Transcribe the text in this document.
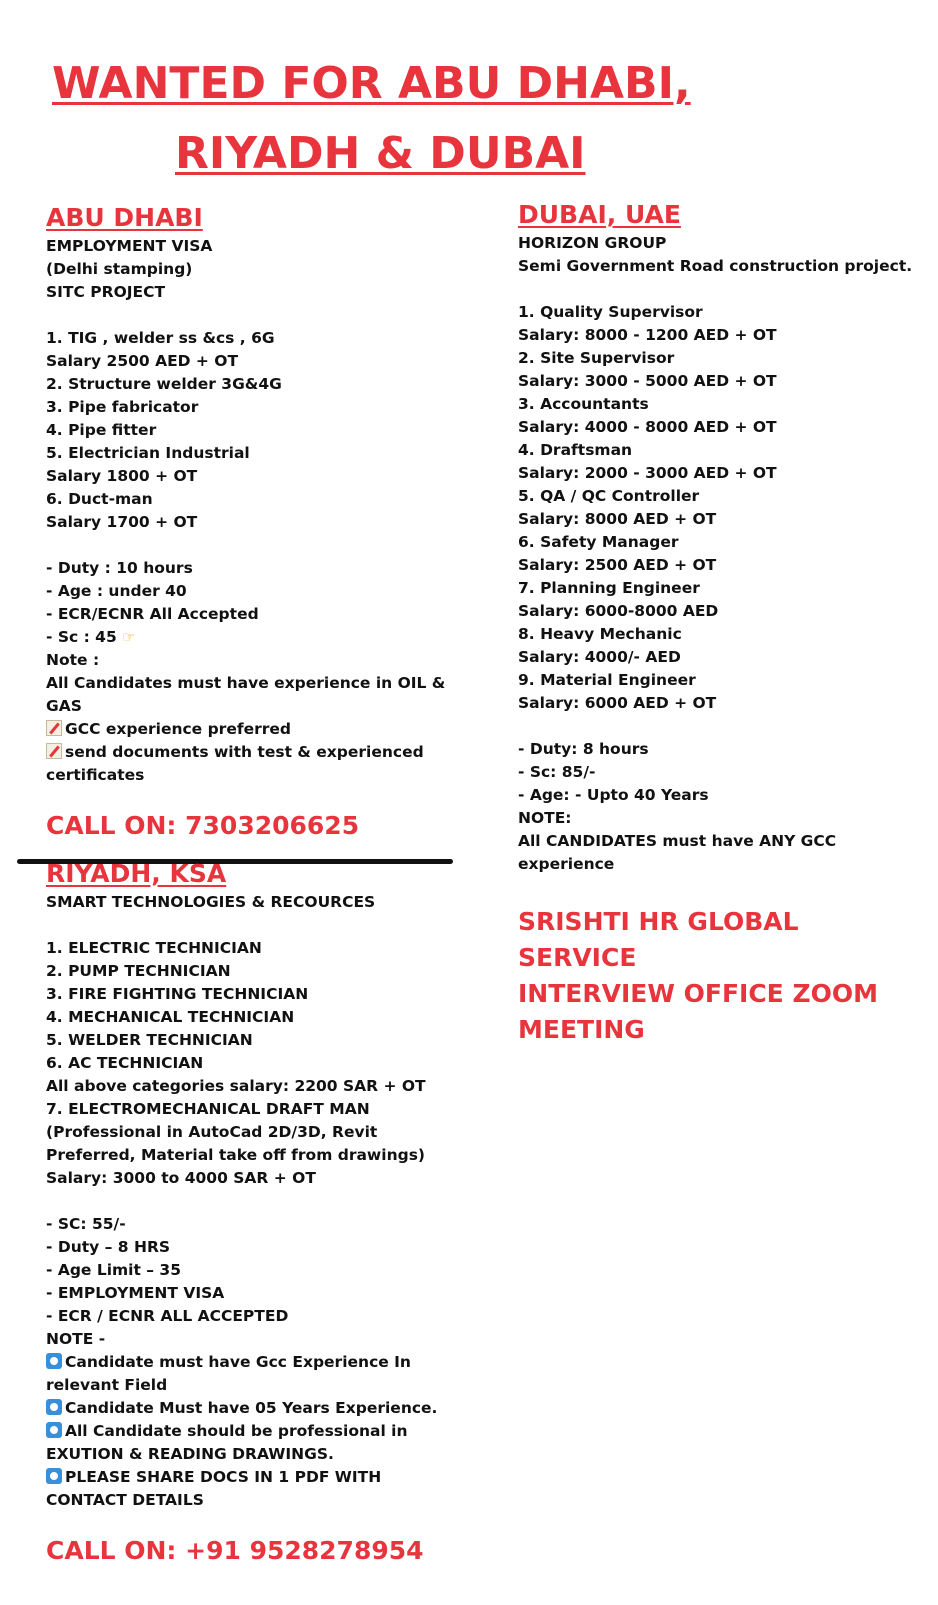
WANTED FOR ABU DHABI,
RIYADH & DUBAI
ABU DHABI
EMPLOYMENT VISA
(Delhi stamping)
SITC PROJECT
1. TIG , welder ss &cs , 6G
Salary 2500 AED + OT
2. Structure welder 3G&4G
3. Pipe fabricator
4. Pipe fitter
5. Electrician Industrial
Salary 1800 + OT
6. Duct-man
Salary 1700 + OT
- Duty : 10 hours
- Age : under 40
- ECR/ECNR All Accepted
- Sc : 45 ☞
Note :
All Candidates must have experience in OIL & GAS
GCC experience preferred
send documents with test & experienced certificates
CALL ON: 7303206625
RIYADH, KSA
SMART TECHNOLOGIES & RECOURCES
1. ELECTRIC TECHNICIAN
2. PUMP TECHNICIAN
3. FIRE FIGHTING TECHNICIAN
4. MECHANICAL TECHNICIAN
5. WELDER TECHNICIAN
6. AC TECHNICIAN
All above categories salary: 2200 SAR + OT
7. ELECTROMECHANICAL DRAFT MAN
(Professional in AutoCad 2D/3D, Revit Preferred, Material take off from drawings)
Salary: 3000 to 4000 SAR + OT
- SC: 55/-
- Duty – 8 HRS
- Age Limit – 35
- EMPLOYMENT VISA
- ECR / ECNR ALL ACCEPTED
NOTE -
Candidate must have Gcc Experience In relevant Field
Candidate Must have 05 Years Experience.
All Candidate should be professional in EXUTION & READING DRAWINGS.
PLEASE SHARE DOCS IN 1 PDF WITH CONTACT DETAILS
CALL ON: +91 9528278954
DUBAI, UAE
HORIZON GROUP
Semi Government Road construction project.
1. Quality Supervisor
Salary: 8000 - 1200 AED + OT
2. Site Supervisor
Salary: 3000 - 5000 AED + OT
3. Accountants
Salary: 4000 - 8000 AED + OT
4. Draftsman
Salary: 2000 - 3000 AED + OT
5. QA / QC Controller
Salary: 8000 AED + OT
6. Safety Manager
Salary: 2500 AED + OT
7. Planning Engineer
Salary: 6000-8000 AED
8. Heavy Mechanic
Salary: 4000/- AED
9. Material Engineer
Salary: 6000 AED + OT
- Duty: 8 hours
- Sc: 85/-
- Age: - Upto 40 Years
NOTE:
All CANDIDATES must have ANY GCC experience
SRISHTI HR GLOBAL SERVICE
INTERVIEW OFFICE ZOOM MEETING
